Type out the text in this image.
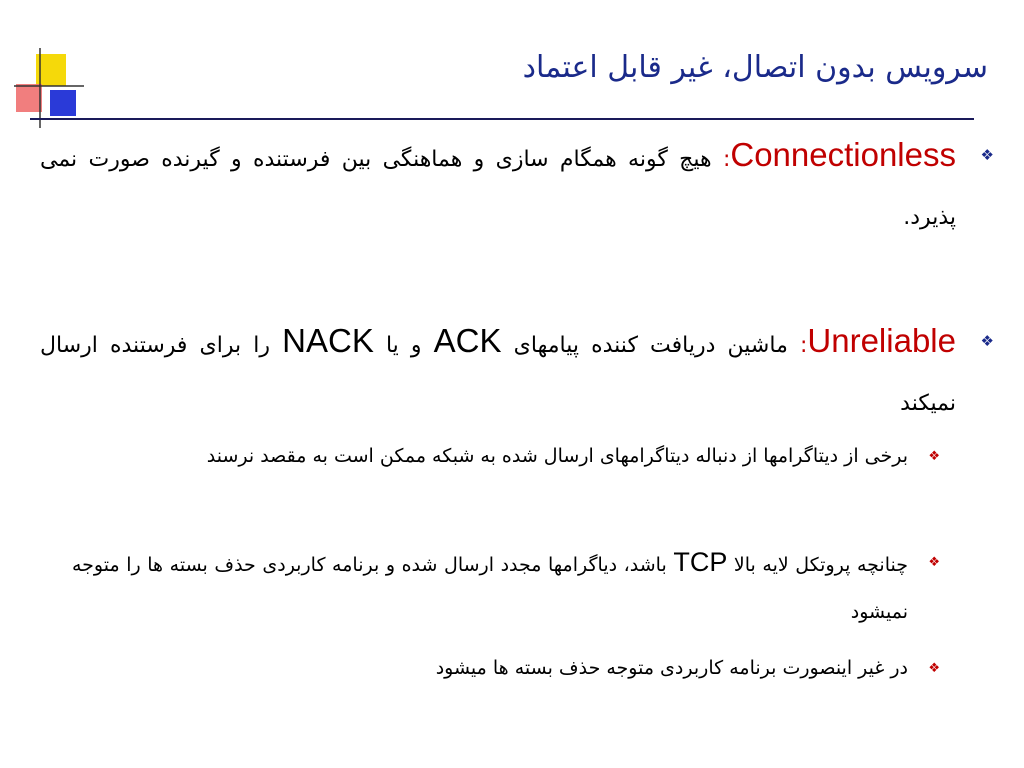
سرویس بدون اتصال، غیر قابل اعتماد
❖
Connectionless: هیچ گونه همگام سازی و هماهنگی بین فرستنده و گیرنده صورت نمی پذیرد.
❖
Unreliable: ماشین دریافت کننده پیامهای ACK و یا NACK را برای فرستنده ارسال نمیکند
❖
برخی از دیتاگرامها از دنباله دیتاگرامهای ارسال شده به شبکه ممکن است به مقصد نرسند
❖
چنانچه پروتکل لایه بالا TCP باشد، دیاگرامها مجدد ارسال شده و برنامه کاربردی حذف بسته ها را متوجه نمیشود
❖
در غیر اینصورت برنامه کاربردی متوجه حذف بسته ها میشود
